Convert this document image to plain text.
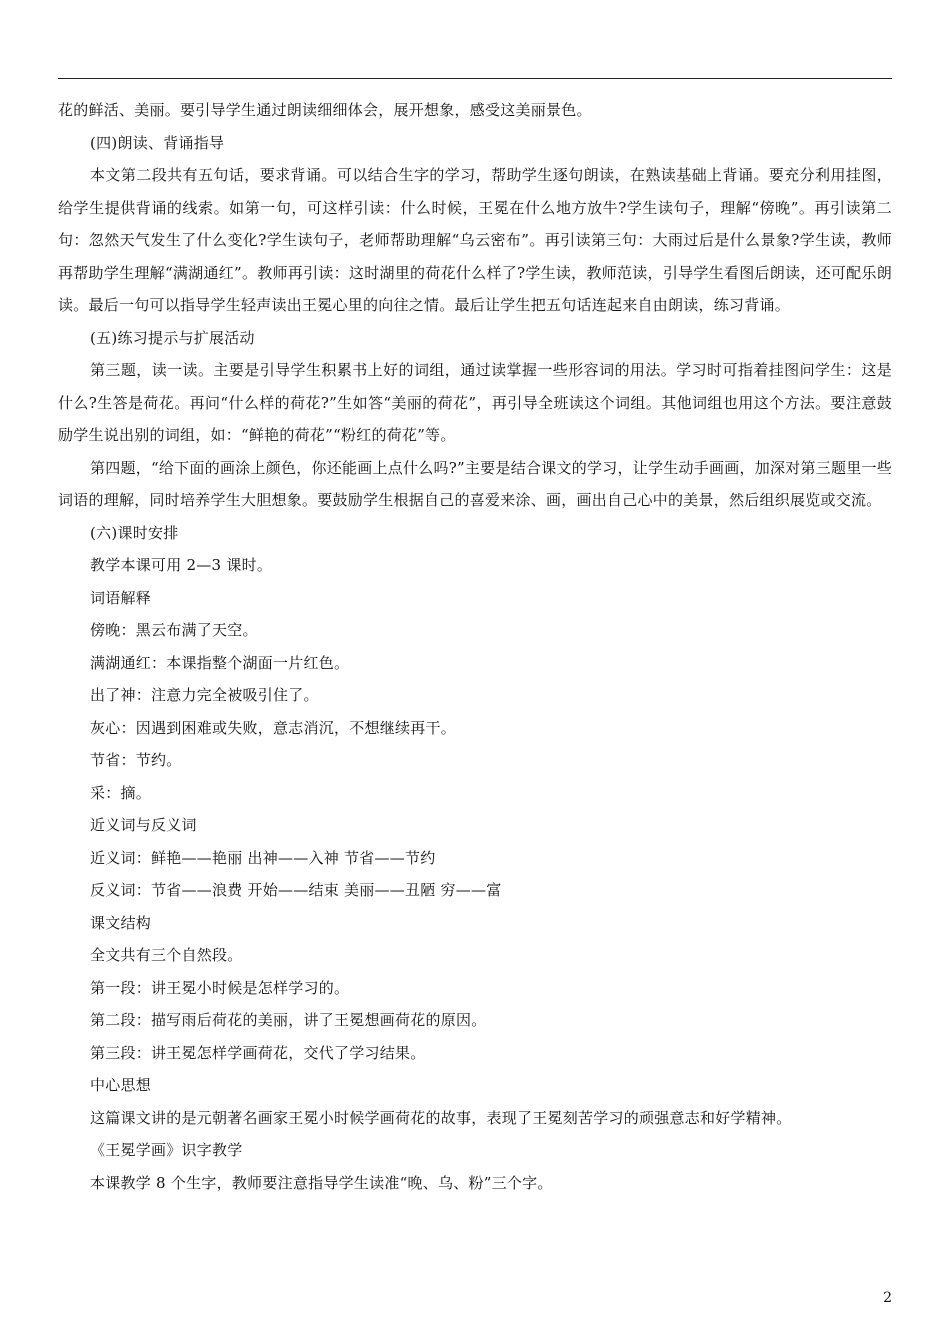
花的鲜活、美丽。要引导学生通过朗读细细体会，展开想象，感受这美丽景色。

(四)朗读、背诵指导

本文第二段共有五句话，要求背诵。可以结合生字的学习，帮助学生逐句朗读，在熟读基础上背诵。要充分利用挂图，给学生提供背诵的线索。如第一句，可这样引读：什么时候，王冕在什么地方放牛?学生读句子，理解“傍晚”。再引读第二句：忽然天气发生了什么变化?学生读句子，老师帮助理解“乌云密布”。再引读第三句：大雨过后是什么景象?学生读，教师再帮助学生理解“满湖通红”。教师再引读：这时湖里的荷花什么样了?学生读，教师范读，引导学生看图后朗读，还可配乐朗读。最后一句可以指导学生轻声读出王冕心里的向往之情。最后让学生把五句话连起来自由朗读，练习背诵。

(五)练习提示与扩展活动

第三题，读一读。主要是引导学生积累书上好的词组，通过读掌握一些形容词的用法。学习时可指着挂图问学生：这是什么?生答是荷花。再问“什么样的荷花?”生如答“美丽的荷花”，再引导全班读这个词组。其他词组也用这个方法。要注意鼓励学生说出别的词组，如：“鲜艳的荷花”“粉红的荷花”等。

第四题，“给下面的画涂上颜色，你还能画上点什么吗?”主要是结合课文的学习，让学生动手画画，加深对第三题里一些词语的理解，同时培养学生大胆想象。要鼓励学生根据自己的喜爱来涂、画，画出自己心中的美景，然后组织展览或交流。

(六)课时安排

教学本课可用 2—3 课时。

词语解释

傍晚：黑云布满了天空。

满湖通红：本课指整个湖面一片红色。

出了神：注意力完全被吸引住了。

灰心：因遇到困难或失败，意志消沉，不想继续再干。

节省：节约。

采：摘。

近义词与反义词

近义词：鲜艳——艳丽 出神——入神 节省——节约

反义词：节省——浪费 开始——结束 美丽——丑陋 穷——富

课文结构

全文共有三个自然段。

第一段：讲王冕小时候是怎样学习的。

第二段：描写雨后荷花的美丽，讲了王冕想画荷花的原因。

第三段：讲王冕怎样学画荷花，交代了学习结果。

中心思想

这篇课文讲的是元朝著名画家王冕小时候学画荷花的故事，表现了王冕刻苦学习的顽强意志和好学精神。

《王冕学画》识字教学

本课教学 8 个生字，教师要注意指导学生读准“晚、乌、粉”三个字。

2
